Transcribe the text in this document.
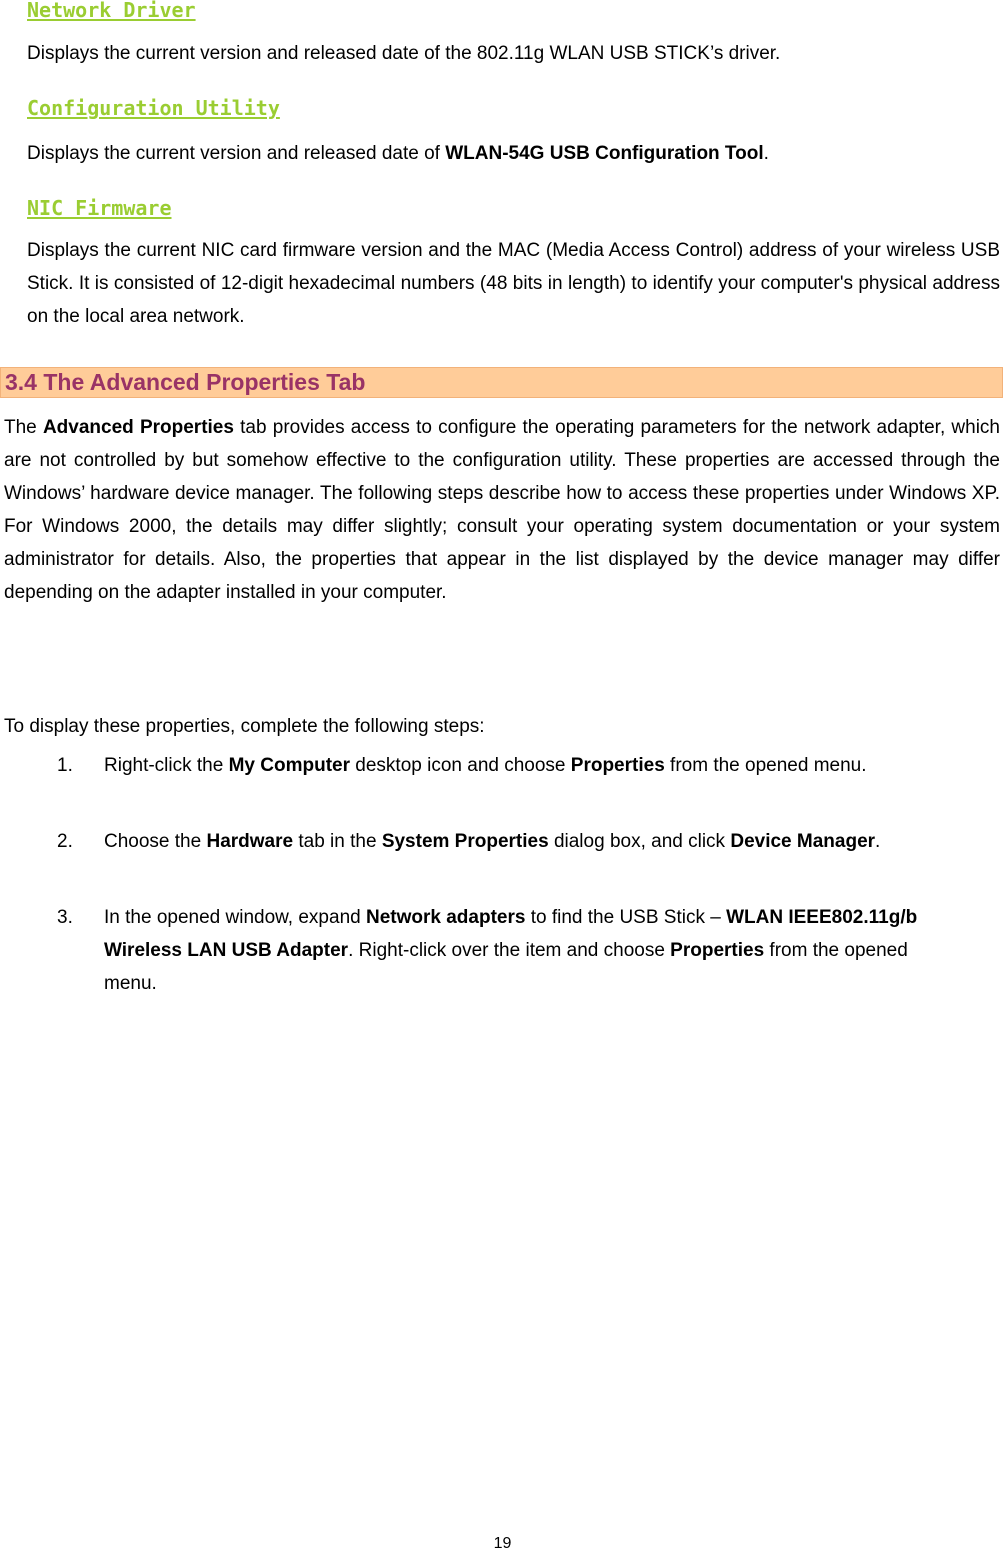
Network Driver

Displays the current version and released date of the 802.11g WLAN USB STICK’s driver.

Configuration Utility

Displays the current version and released date of WLAN-54G USB Configuration Tool.

NIC Firmware

Displays the current NIC card firmware version and the MAC (Media Access Control) address of your wireless USB Stick. It is consisted of 12-digit hexadecimal numbers (48 bits in length) to identify your computer's physical address on the local area network.

3.4 The Advanced Properties Tab

The Advanced Properties tab provides access to configure the operating parameters for the network adapter, which are not controlled by but somehow effective to the configuration utility. These properties are accessed through the Windows’ hardware device manager. The following steps describe how to access these properties under Windows XP. For Windows 2000, the details may differ slightly; consult your operating system documentation or your system administrator for details. Also, the properties that appear in the list displayed by the device manager may differ depending on the adapter installed in your computer.

To display these properties, complete the following steps:

1. Right-click the My Computer desktop icon and choose Properties from the opened menu.
2. Choose the Hardware tab in the System Properties dialog box, and click Device Manager.
3. In the opened window, expand Network adapters to find the USB Stick – WLAN IEEE802.11g/b Wireless LAN USB Adapter. Right-click over the item and choose Properties from the opened menu.
19
